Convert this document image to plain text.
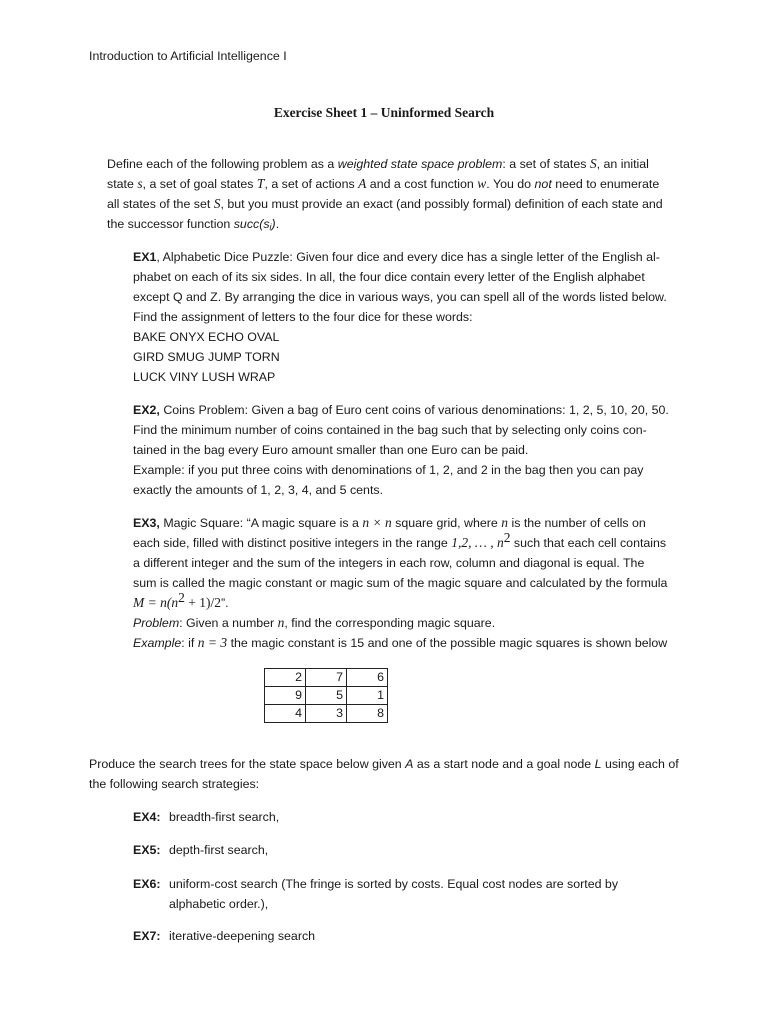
Introduction to Artificial Intelligence I
Exercise Sheet 1 – Uninformed Search
Define each of the following problem as a weighted state space problem: a set of states S, an initial
state s, a set of goal states T, a set of actions A and a cost function w. You do not need to enumerate
all states of the set S, but you must provide an exact (and possibly formal) definition of each state and
the successor function $succ(s_i)$.
EX1, Alphabetic Dice Puzzle: Given four dice and every dice has a single letter of the English al-
phabet on each of its six sides. In all, the four dice contain every letter of the English alphabet
except Q and Z. By arranging the dice in various ways, you can spell all of the words listed below.
Find the assignment of letters to the four dice for these words:
BAKE ONYX ECHO OVAL
GIRD SMUG JUMP TORN
LUCK VINY LUSH WRAP
EX2, Coins Problem: Given a bag of Euro cent coins of various denominations: 1, 2, 5, 10, 20, 50.
Find the minimum number of coins contained in the bag such that by selecting only coins con-
tained in the bag every Euro amount smaller than one Euro can be paid.
Example: if you put three coins with denominations of 1, 2, and 2 in the bag then you can pay
exactly the amounts of 1, 2, 3, 4, and 5 cents.
EX3, Magic Square: “A magic square is a n × n square grid, where n is the number of cells on
each side, filled with distinct positive integers in the range 1,2, … , $n^2$ such that each cell contains
a different integer and the sum of the integers in each row, column and diagonal is equal. The
sum is called the magic constant or magic sum of the magic square and calculated by the formula
$M = n(n^2 + 1)/2$”.
Problem: Given a number n, find the corresponding magic square.
Example: if n = 3 the magic constant is 15 and one of the possible magic squares is shown below
2	7	6
9	5	1
4	3	8
Produce the search trees for the state space below given A as a start node and a goal node L using each of
the following search strategies:
EX4: breadth-first search,
EX5: depth-first search,
EX6: uniform-cost search (The fringe is sorted by costs. Equal cost nodes are sorted by
alphabetic order.),
EX7: iterative-deepening search
